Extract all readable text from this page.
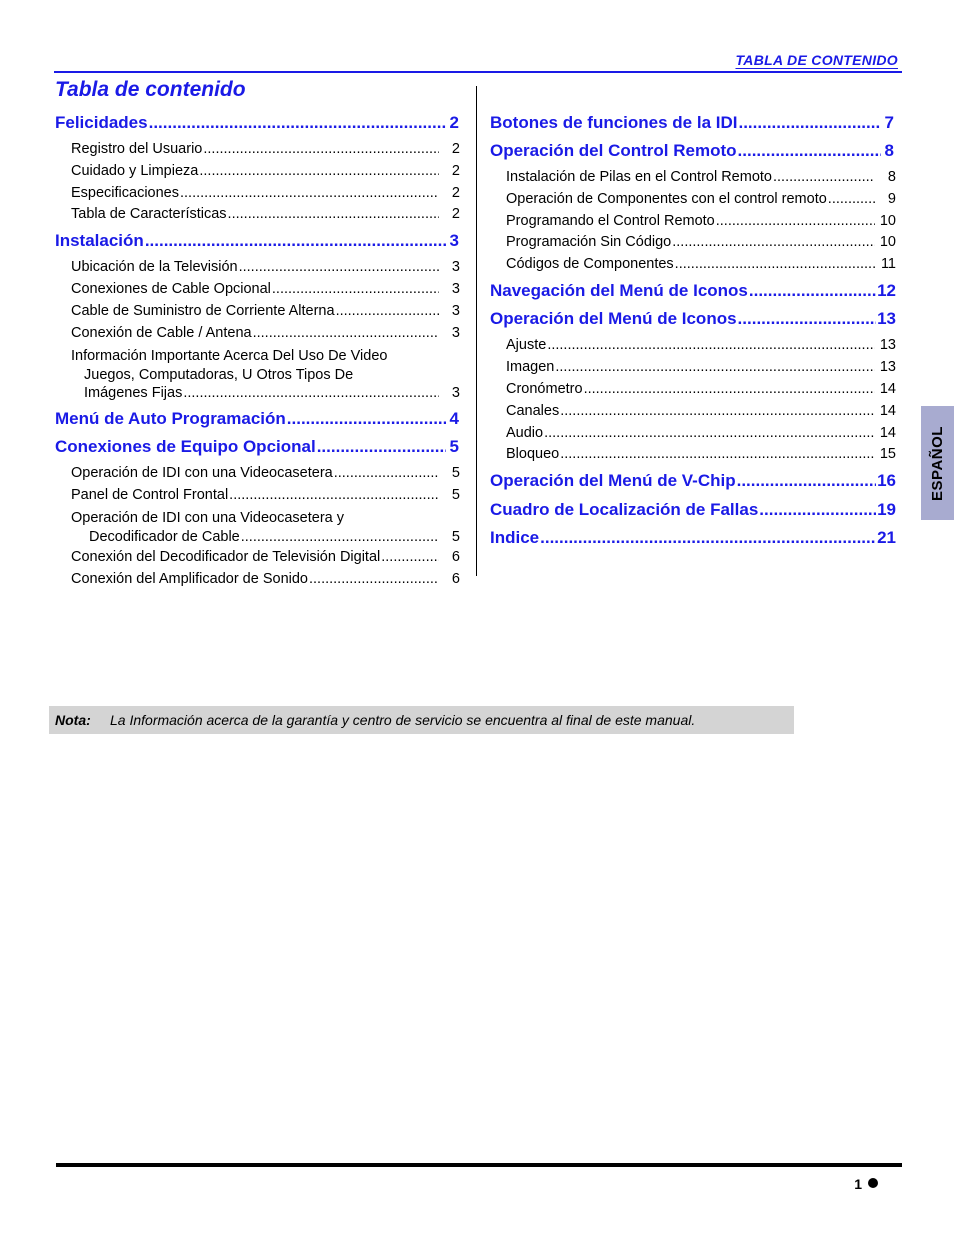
TABLA DE CONTENIDO
Tabla de contenido
Felicidades .....	2
Registro del Usuario .....	2
Cuidado y Limpieza .....	2
Especificaciones .....	2
Tabla de Características .....	2
Instalación .....	3
Ubicación de la Televisión .....	3
Conexiones de Cable Opcional .....	3
Cable de Suministro de Corriente Alterna .....	3
Conexión de Cable / Antena .....	3
Información Importante Acerca Del Uso De Video
Juegos, Computadoras, U Otros Tipos De
Imágenes Fijas .....	3
Menú de Auto Programación .....	4
Conexiones de Equipo Opcional .....	5
Operación de IDI con una Videocasetera .....	5
Panel de Control Frontal .....	5
Operación de IDI con una Videocasetera y
Decodificador de Cable .....	5
Conexión del Decodificador de Televisión Digital .....	6
Conexión del Amplificador de Sonido .....	6
Botones de funciones de la IDI .....	7
Operación del Control Remoto .....	8
Instalación de Pilas en el Control Remoto .....	8
Operación de Componentes con el control remoto .....	9
Programando el Control Remoto .....	10
Programación Sin Código .....	10
Códigos de Componentes .....	11
Navegación del Menú de Iconos .....	12
Operación del Menú de Iconos .....	13
Ajuste .....	13
Imagen .....	13
Cronómetro .....	14
Canales .....	14
Audio .....	14
Bloqueo .....	15
Operación del Menú de V-Chip .....	16
Cuadro de Localización de Fallas .....	19
Indice .....	21
ESPAÑOL
Nota:	La Información acerca de la garantía y centro de servicio se encuentra al final de este manual.
1
